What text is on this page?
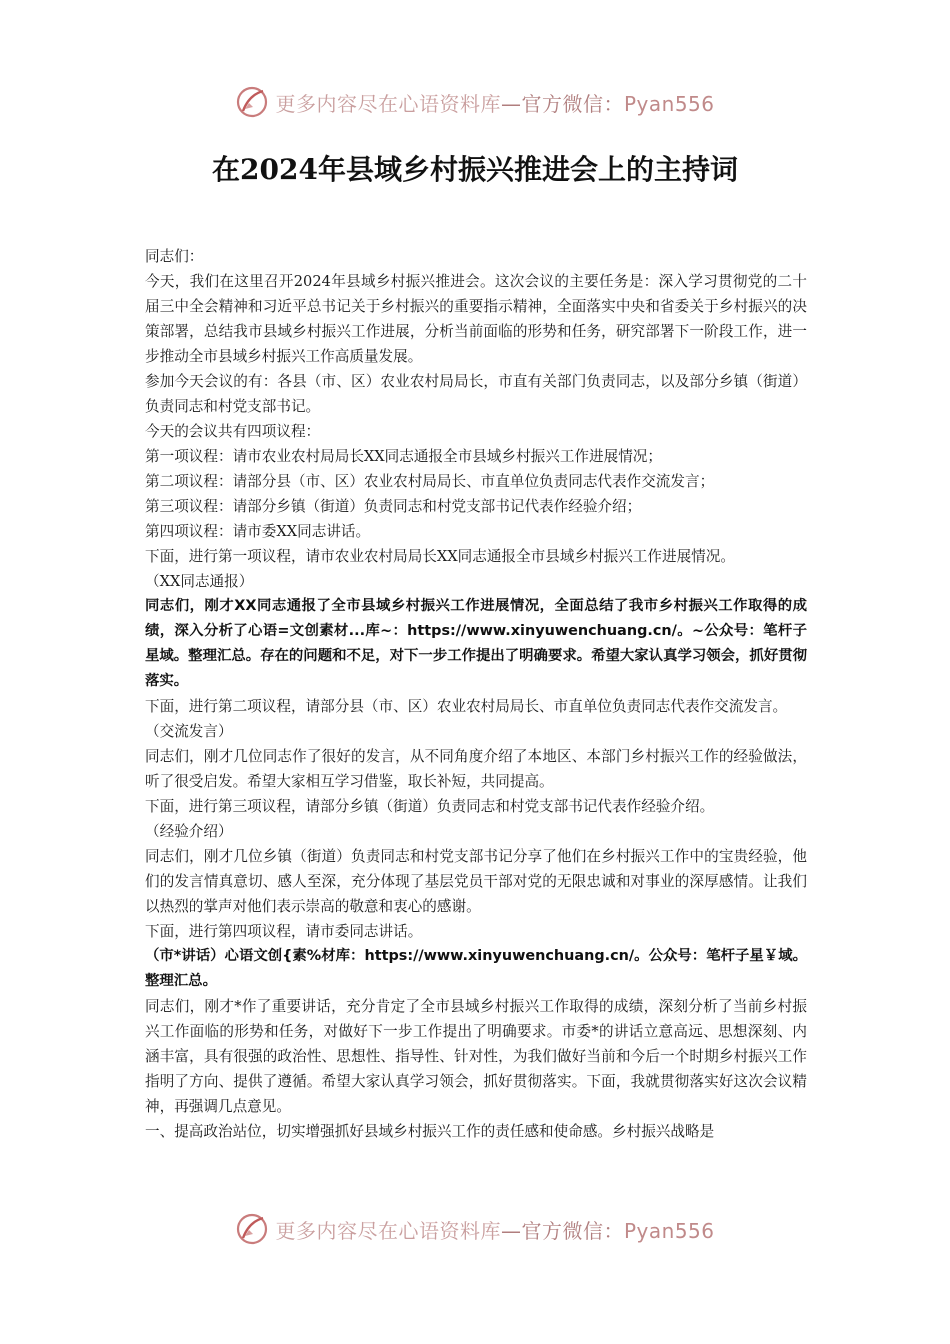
更多内容尽在心语资料库—官方微信：Pyan556
在2024年县域乡村振兴推进会上的主持词

同志们：

今天，我们在这里召开2024年县域乡村振兴推进会。这次会议的主要任务是：深入学习贯彻党的二十届三中全会精神和习近平总书记关于乡村振兴的重要指示精神，全面落实中央和省委关于乡村振兴的决策部署，总结我市县域乡村振兴工作进展，分析当前面临的形势和任务，研究部署下一阶段工作，进一步推动全市县域乡村振兴工作高质量发展。

参加今天会议的有：各县（市、区）农业农村局局长，市直有关部门负责同志，以及部分乡镇（街道）负责同志和村党支部书记。

今天的会议共有四项议程：

第一项议程：请市农业农村局局长XX同志通报全市县域乡村振兴工作进展情况；

第二项议程：请部分县（市、区）农业农村局局长、市直单位负责同志代表作交流发言；

第三项议程：请部分乡镇（街道）负责同志和村党支部书记代表作经验介绍；

第四项议程：请市委XX同志讲话。

下面，进行第一项议程，请市农业农村局局长XX同志通报全市县域乡村振兴工作进展情况。

（XX同志通报）

同志们，刚才XX同志通报了全市县域乡村振兴工作进展情况，全面总结了我市乡村振兴工作取得的成绩，深入分析了心语=文创素材...库~：https://www.xinyuwenchuang.cn/。~公众号：笔杆子星域。整理汇总。存在的问题和不足，对下一步工作提出了明确要求。希望大家认真学习领会，抓好贯彻落实。

下面，进行第二项议程，请部分县（市、区）农业农村局局长、市直单位负责同志代表作交流发言。

（交流发言）

同志们，刚才几位同志作了很好的发言，从不同角度介绍了本地区、本部门乡村振兴工作的经验做法，听了很受启发。希望大家相互学习借鉴，取长补短，共同提高。

下面，进行第三项议程，请部分乡镇（街道）负责同志和村党支部书记代表作经验介绍。

（经验介绍）

同志们，刚才几位乡镇（街道）负责同志和村党支部书记分享了他们在乡村振兴工作中的宝贵经验，他们的发言情真意切、感人至深，充分体现了基层党员干部对党的无限忠诚和对事业的深厚感情。让我们以热烈的掌声对他们表示崇高的敬意和衷心的感谢。

下面，进行第四项议程，请市委同志讲话。

（市*讲话）心语文创{素%材库：https://www.xinyuwenchuang.cn/。公众号：笔杆子星￥域。整理汇总。

同志们，刚才*作了重要讲话，充分肯定了全市县域乡村振兴工作取得的成绩，深刻分析了当前乡村振兴工作面临的形势和任务，对做好下一步工作提出了明确要求。市委*的讲话立意高远、思想深刻、内涵丰富，具有很强的政治性、思想性、指导性、针对性，为我们做好当前和今后一个时期乡村振兴工作指明了方向、提供了遵循。希望大家认真学习领会，抓好贯彻落实。下面，我就贯彻落实好这次会议精神，再强调几点意见。

一、提高政治站位，切实增强抓好县域乡村振兴工作的责任感和使命感。乡村振兴战略是

更多内容尽在心语资料库—官方微信：Pyan556
